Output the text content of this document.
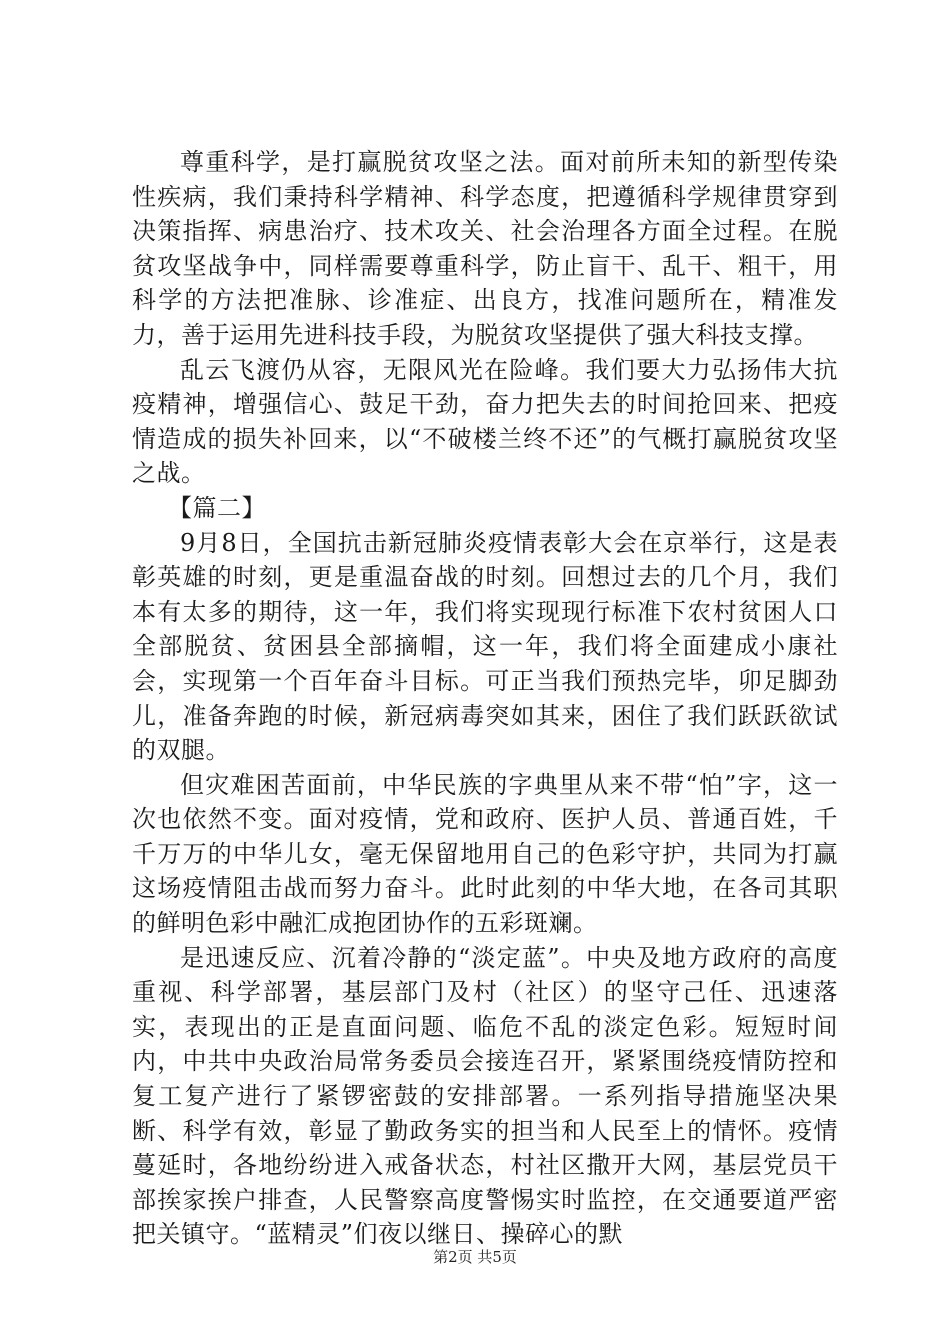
尊重科学，是打赢脱贫攻坚之法。面对前所未知的新型传染性疾病，我们秉持科学精神、科学态度，把遵循科学规律贯穿到决策指挥、病患治疗、技术攻关、社会治理各方面全过程。在脱贫攻坚战争中，同样需要尊重科学，防止盲干、乱干、粗干，用科学的方法把准脉、诊准症、出良方，找准问题所在，精准发力，善于运用先进科技手段，为脱贫攻坚提供了强大科技支撑。

乱云飞渡仍从容，无限风光在险峰。我们要大力弘扬伟大抗疫精神，增强信心、鼓足干劲，奋力把失去的时间抢回来、把疫情造成的损失补回来，以“不破楼兰终不还”的气概打赢脱贫攻坚之战。

【篇二】

9月8日，全国抗击新冠肺炎疫情表彰大会在京举行，这是表彰英雄的时刻，更是重温奋战的时刻。回想过去的几个月，我们本有太多的期待，这一年，我们将实现现行标准下农村贫困人口全部脱贫、贫困县全部摘帽，这一年，我们将全面建成小康社会，实现第一个百年奋斗目标。可正当我们预热完毕，卯足脚劲儿，准备奔跑的时候，新冠病毒突如其来，困住了我们跃跃欲试的双腿。

但灾难困苦面前，中华民族的字典里从来不带“怕”字，这一次也依然不变。面对疫情，党和政府、医护人员、普通百姓，千千万万的中华儿女，毫无保留地用自己的色彩守护，共同为打赢这场疫情阻击战而努力奋斗。此时此刻的中华大地，在各司其职的鲜明色彩中融汇成抱团协作的五彩斑斓。

是迅速反应、沉着冷静的“淡定蓝”。中央及地方政府的高度重视、科学部署，基层部门及村（社区）的坚守己任、迅速落实，表现出的正是直面问题、临危不乱的淡定色彩。短短时间内，中共中央政治局常务委员会接连召开，紧紧围绕疫情防控和复工复产进行了紧锣密鼓的安排部署。一系列指导措施坚决果断、科学有效，彰显了勤政务实的担当和人民至上的情怀。疫情蔓延时，各地纷纷进入戒备状态，村社区撒开大网，基层党员干部挨家挨户排查，人民警察高度警惕实时监控，在交通要道严密把关镇守。“蓝精灵”们夜以继日、操碎心的默

第2页 共5页
